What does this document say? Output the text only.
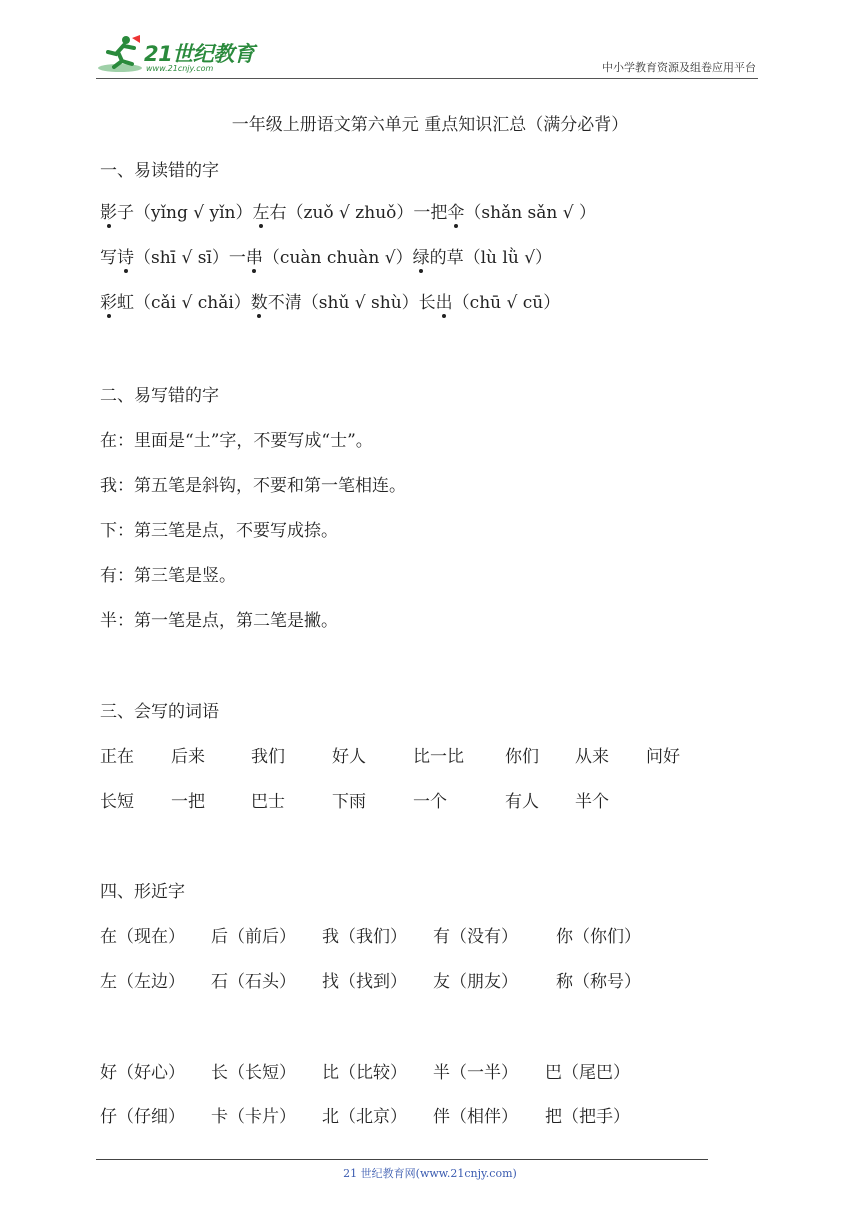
21世纪教育
www.21cnjy.com	中小学教育资源及组卷应用平台
一年级上册语文第六单元 重点知识汇总（满分必背）
一、易读错的字
影子（yǐng √ yǐn）左右（zuǒ √ zhuǒ）一把伞（shǎn sǎn √ ）
写诗（shī √ sī）一串（cuàn chuàn √）绿的草（lù lǜ √）
彩虹（cǎi √ chǎi）数不清（shǔ √ shù）长出（chū √ cū）
二、易写错的字
在：里面是“土”字，不要写成“士”。
我：第五笔是斜钩，不要和第一笔相连。
下：第三笔是点，不要写成捺。
有：第三笔是竖。
半：第一笔是点，第二笔是撇。
三、会写的词语
正在 后来	我们	好人	比一比 你们 从来 问好
长短 一把	巴士	下雨	一个	有人 半个
四、形近字
在（现在） 后（前后） 我（我们） 有（没有） 你（你们）
左（左边） 石（石头） 找（找到） 友（朋友） 称（称号）
好（好心） 长（长短） 比（比较） 半（一半） 巴（尾巴）
仔（仔细） 卡（卡片） 北（北京） 伴（相伴） 把（把手）
21 世纪教育网(www.21cnjy.com)
